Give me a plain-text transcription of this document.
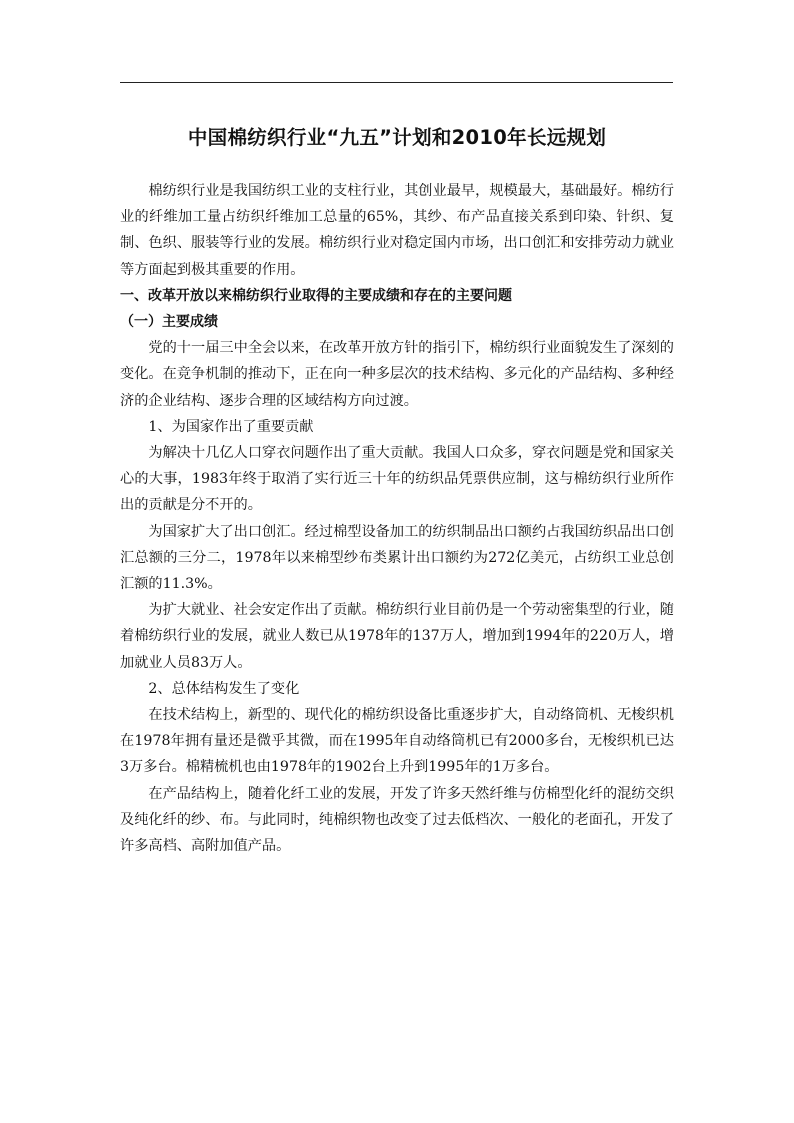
中国棉纺织行业“九五”计划和2010年长远规划

棉纺织行业是我国纺织工业的支柱行业，其创业最早，规模最大，基础最好。棉纺行业的纤维加工量占纺织纤维加工总量的65%，其纱、布产品直接关系到印染、针织、复制、色织、服装等行业的发展。棉纺织行业对稳定国内市场，出口创汇和安排劳动力就业等方面起到极其重要的作用。

一、改革开放以来棉纺织行业取得的主要成绩和存在的主要问题

（一）主要成绩

党的十一届三中全会以来，在改革开放方针的指引下，棉纺织行业面貌发生了深刻的变化。在竞争机制的推动下，正在向一种多层次的技术结构、多元化的产品结构、多种经济的企业结构、逐步合理的区域结构方向过渡。

1、为国家作出了重要贡献

为解决十几亿人口穿衣问题作出了重大贡献。我国人口众多，穿衣问题是党和国家关心的大事，1983年终于取消了实行近三十年的纺织品凭票供应制，这与棉纺织行业所作出的贡献是分不开的。

为国家扩大了出口创汇。经过棉型设备加工的纺织制品出口额约占我国纺织品出口创汇总额的三分二，1978年以来棉型纱布类累计出口额约为272亿美元，占纺织工业总创汇额的11.3%。

为扩大就业、社会安定作出了贡献。棉纺织行业目前仍是一个劳动密集型的行业，随着棉纺织行业的发展，就业人数已从1978年的137万人，增加到1994年的220万人，增加就业人员83万人。

2、总体结构发生了变化

在技术结构上，新型的、现代化的棉纺织设备比重逐步扩大，自动络筒机、无梭织机在1978年拥有量还是微乎其微，而在1995年自动络筒机已有2000多台，无梭织机已达3万多台。棉精梳机也由1978年的1902台上升到1995年的1万多台。

在产品结构上，随着化纤工业的发展，开发了许多天然纤维与仿棉型化纤的混纺交织及纯化纤的纱、布。与此同时，纯棉织物也改变了过去低档次、一般化的老面孔，开发了许多高档、高附加值产品。
